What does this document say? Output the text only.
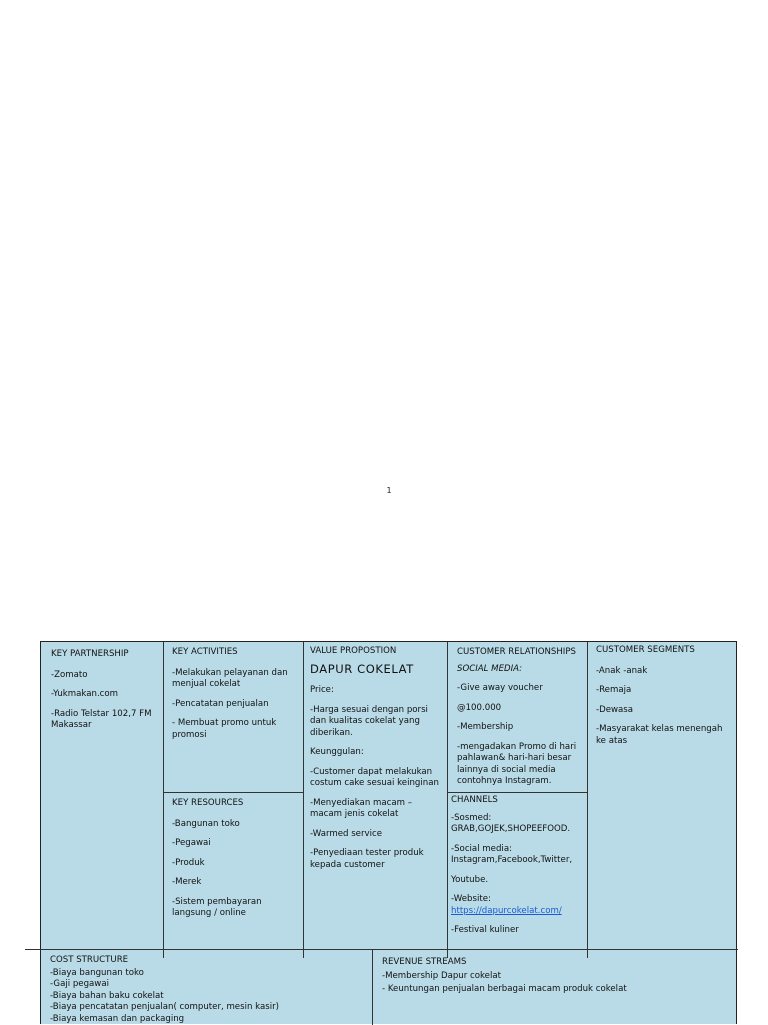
1

KEY PARTNERSHIP

-Zomato

-Yukmakan.com

-Radio Telstar 102,7 FM Makassar

KEY ACTIVITIES

-Melakukan pelayanan dan menjual cokelat

-Pencatatan penjualan

- Membuat promo untuk promosi

KEY RESOURCES

-Bangunan toko

-Pegawai

-Produk

-Merek

-Sistem pembayaran langsung / online

VALUE PROPOSTION

DAPUR COKELAT

Price:

-Harga sesuai dengan porsi dan kualitas cokelat yang diberikan.

Keunggulan:

-Customer dapat melakukan costum cake sesuai keinginan

-Menyediakan macam – macam jenis cokelat

-Warmed service

-Penyediaan tester produk kepada customer

CUSTOMER RELATIONSHIPS

SOCIAL MEDIA:

-Give away voucher

@100.000

-Membership

-mengadakan Promo di hari pahlawan& hari-hari besar lainnya di social media contohnya Instagram.

CHANNELS

-Sosmed: GRAB,GOJEK,SHOPEEFOOD.

-Social media: Instagram,Facebook,Twitter,

Youtube.

-Website:

https://dapurcokelat.com/

-Festival kuliner

CUSTOMER SEGMENTS

-Anak -anak

-Remaja

-Dewasa

-Masyarakat kelas menengah ke atas

COST STRUCTURE

-Biaya bangunan toko

-Gaji pegawai

-Biaya bahan baku cokelat

-Biaya pencatatan penjualan( computer, mesin kasir)

-Biaya kemasan dan packaging

REVENUE STREAMS

-Membership Dapur cokelat

- Keuntungan penjualan berbagai macam produk cokelat
